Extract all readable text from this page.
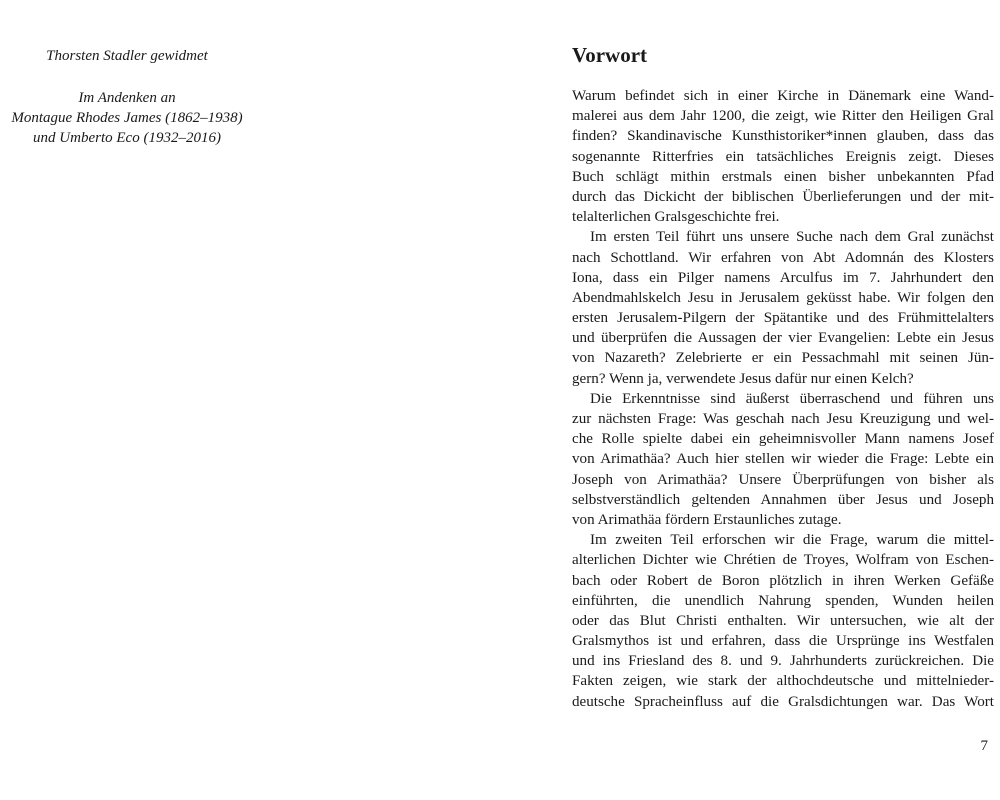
Thorsten Stadler gewidmet
Im Andenken an
Montague Rhodes James (1862–1938)
und Umberto Eco (1932–2016)
Vorwort
Warum befindet sich in einer Kirche in Dänemark eine Wand-
malerei aus dem Jahr 1200, die zeigt, wie Ritter den Heiligen Gral
finden? Skandinavische Kunsthistoriker*innen glauben, dass das
sogenannte Ritterfries ein tatsächliches Ereignis zeigt. Dieses
Buch schlägt mithin erstmals einen bisher unbekannten Pfad
durch das Dickicht der biblischen Überlieferungen und der mit-
telalterlichen Gralsgeschichte frei.
Im ersten Teil führt uns unsere Suche nach dem Gral zunächst
nach Schottland. Wir erfahren von Abt Adomnán des Klosters
Iona, dass ein Pilger namens Arculfus im 7. Jahrhundert den
Abendmahlskelch Jesu in Jerusalem geküsst habe. Wir folgen den
ersten Jerusalem-Pilgern der Spätantike und des Frühmittelalters
und überprüfen die Aussagen der vier Evangelien: Lebte ein Jesus
von Nazareth? Zelebrierte er ein Pessachmahl mit seinen Jün-
gern? Wenn ja, verwendete Jesus dafür nur einen Kelch?
Die Erkenntnisse sind äußerst überraschend und führen uns
zur nächsten Frage: Was geschah nach Jesu Kreuzigung und wel-
che Rolle spielte dabei ein geheimnisvoller Mann namens Josef
von Arimathäa? Auch hier stellen wir wieder die Frage: Lebte ein
Joseph von Arimathäa? Unsere Überprüfungen von bisher als
selbstverständlich geltenden Annahmen über Jesus und Joseph
von Arimathäa fördern Erstaunliches zutage.
Im zweiten Teil erforschen wir die Frage, warum die mittel-
alterlichen Dichter wie Chrétien de Troyes, Wolfram von Eschen-
bach oder Robert de Boron plötzlich in ihren Werken Gefäße
einführten, die unendlich Nahrung spenden, Wunden heilen
oder das Blut Christi enthalten. Wir untersuchen, wie alt der
Gralsmythos ist und erfahren, dass die Ursprünge ins Westfalen
und ins Friesland des 8. und 9. Jahrhunderts zurückreichen. Die
Fakten zeigen, wie stark der althochdeutsche und mittelnieder-
deutsche Spracheinfluss auf die Gralsdichtungen war. Das Wort
7
